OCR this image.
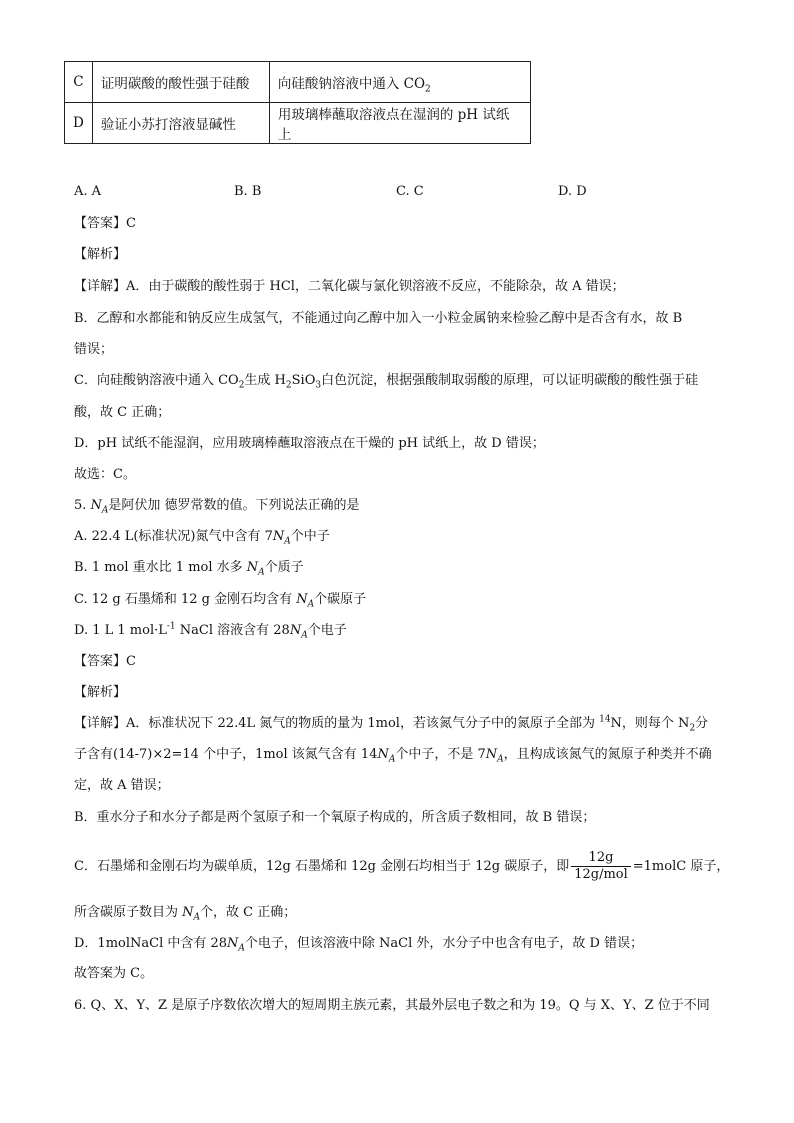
C	证明碳酸的酸性强于硅酸	向硅酸钠溶液中通入 $CO_2$
D	验证小苏打溶液显碱性	用玻璃棒蘸取溶液点在湿润的 pH 试纸上
A. A	B. B	C. C	D. D
【答案】C
【解析】
【详解】A．由于碳酸的酸性弱于 HCl，二氧化碳与氯化钡溶液不反应，不能除杂，故 A 错误；
B．乙醇和水都能和钠反应生成氢气，不能通过向乙醇中加入一小粒金属钠来检验乙醇中是否含有水，故 B
错误；
C．向硅酸钠溶液中通入 $CO_2$生成 $H_2SiO_3$白色沉淀，根据强酸制取弱酸的原理，可以证明碳酸的酸性强于硅
酸，故 C 正确；
D．pH 试纸不能湿润，应用玻璃棒蘸取溶液点在干燥的 pH 试纸上，故 D 错误；
故选：C。
5. $N_A$是阿伏加 德罗常数的值。下列说法正确的是
A. 22.4 L(标准状况)氮气中含有 $7N_A$个中子
B. 1 mol 重水比 1 mol 水多 $N_A$个质子
C. 12 g 石墨烯和 12 g 金刚石均含有 $N_A$个碳原子
D. 1 L 1 $mol\cdot L^{-1}$ NaCl 溶液含有 $28N_A$个电子
【答案】C
【解析】
【详解】A．标准状况下 22.4L 氮气的物质的量为 1mol，若该氮气分子中的氮原子全部为 $^{14}$N，则每个 $N_2$分
子含有(14-7)×2=14 个中子，1mol 该氮气含有 $14N_A$个中子，不是 $7N_A$，且构成该氮气的氮原子种类并不确
定，故 A 错误；
B．重水分子和水分子都是两个氢原子和一个氧原子构成的，所含质子数相同，故 B 错误；
C．石墨烯和金刚石均为碳单质，12g 石墨烯和 12g 金刚石均相当于 12g 碳原子，即 $\frac{12g}{\text{12g/mol}}$ =1molC 原子，
所含碳原子数目为 $N_A$个，故 C 正确；
D．1molNaCl 中含有 $28N_A$个电子，但该溶液中除 NaCl 外，水分子中也含有电子，故 D 错误；
故答案为 C。
6. Q、X、Y、Z 是原子序数依次增大的短周期主族元素，其最外层电子数之和为 19。Q 与 X、Y、Z 位于不同
